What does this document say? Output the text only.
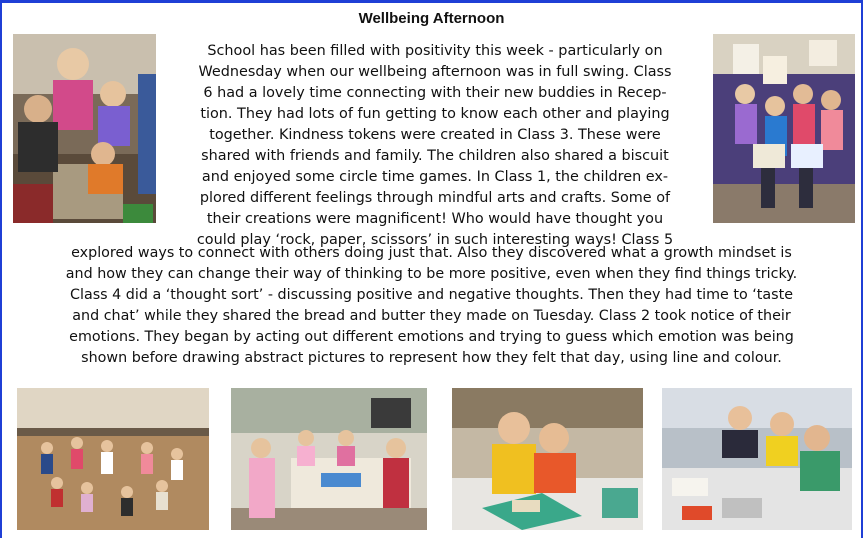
Wellbeing Afternoon
School has been filled with positivity this week - particularly on
Wednesday when our wellbeing afternoon was in full swing. Class
6 had a lovely time connecting with their new buddies in Recep-
tion. They had lots of fun getting to know each other and playing
together. Kindness tokens were created in Class 3. These were
shared with friends and family. The children also shared a biscuit
and enjoyed some circle time games. In Class 1, the children ex-
plored different feelings through mindful arts and crafts. Some of
their creations were magnificent! Who would have thought you
could play ‘rock, paper, scissors’ in such interesting ways! Class 5
explored ways to connect with others doing just that. Also they discovered what a growth mindset is
and how they can change their way of thinking to be more positive, even when they find things tricky.
Class 4 did a ‘thought sort’ - discussing positive and negative thoughts. Then they had time to ‘taste
and chat’ while they shared the bread and butter they made on Tuesday. Class 2 took notice of their
emotions. They began by acting out different emotions and trying to guess which emotion was being
shown before drawing abstract pictures to represent how they felt that day, using line and colour.
